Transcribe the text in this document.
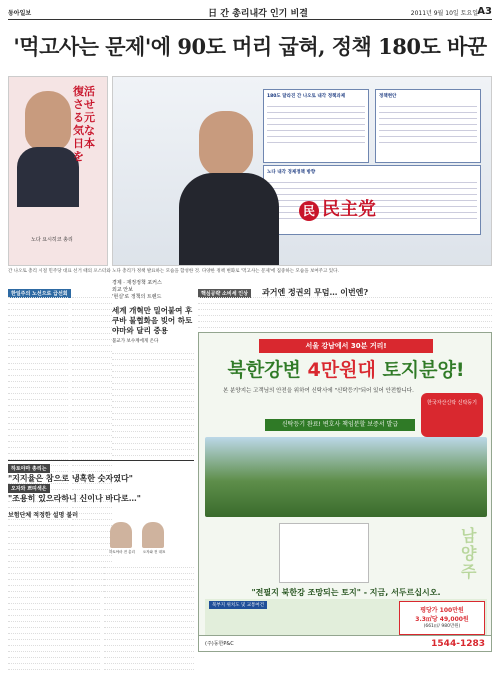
동아일보	日 간 총리내각 인기 비결	2011년 9월 10일 토요일 A3
'먹고사는 문제'에 90도 머리 굽혀, 정책 180도 바꾼
復活させる元気な日本を
노다 요시히코 총리
180도 달라진 간 나오토 내각 정책과제	정책현안
노다 내각 경제정책 방향
民 民主党
간 나오토 총리 시절 민주당 대표 선거 때의 포스터와 노다 총리가 정책 발표하는 모습을 합성한 것. 다양한 정책 변화로 '먹고사는 문제'에 집중하는 모습을 보여주고 있다.
한일주의 노선으로 급선회
경제 · 재정정책 포커스
외교 안보
'현실'로 정책의 트렌드
세계 개혁만 밀어붙여 후쿠바 불협화음 빚어 하토야마와 달리 중용
불교가 보수계에게 온다
핵심공략 소비세 인상 과거엔 정권의 무덤… 이번엔?
하토야마 총리는
"지지율은 참으로 냉혹한 숫자였다"
오자와 쁘띠색은
"조용히 있으라하니 신이나 바다로…"
보험단체 적정한 설명 불러
하토야마 전 총리	오자와 전 대표
서울 강남에서 30분 거리!
북한강변 4만원대 토지분양!
본 분양지는 고객님의 안전을 위하여 신탁사에 "신탁등기"되어 있어 안전합니다.
한국자산신탁 신탁등기
신탁등기 완료! 변호사 책임분할 보증서 발급
남양주
"전필지 북한강 조망되는 토지" - 지금, 서두르십시오.
북부지 위치도 및 교통여건
평당가 100만원
3.3㎡당 49,000원
(661㎡/ 980만원)
(주)동한P&C	1544-1283
